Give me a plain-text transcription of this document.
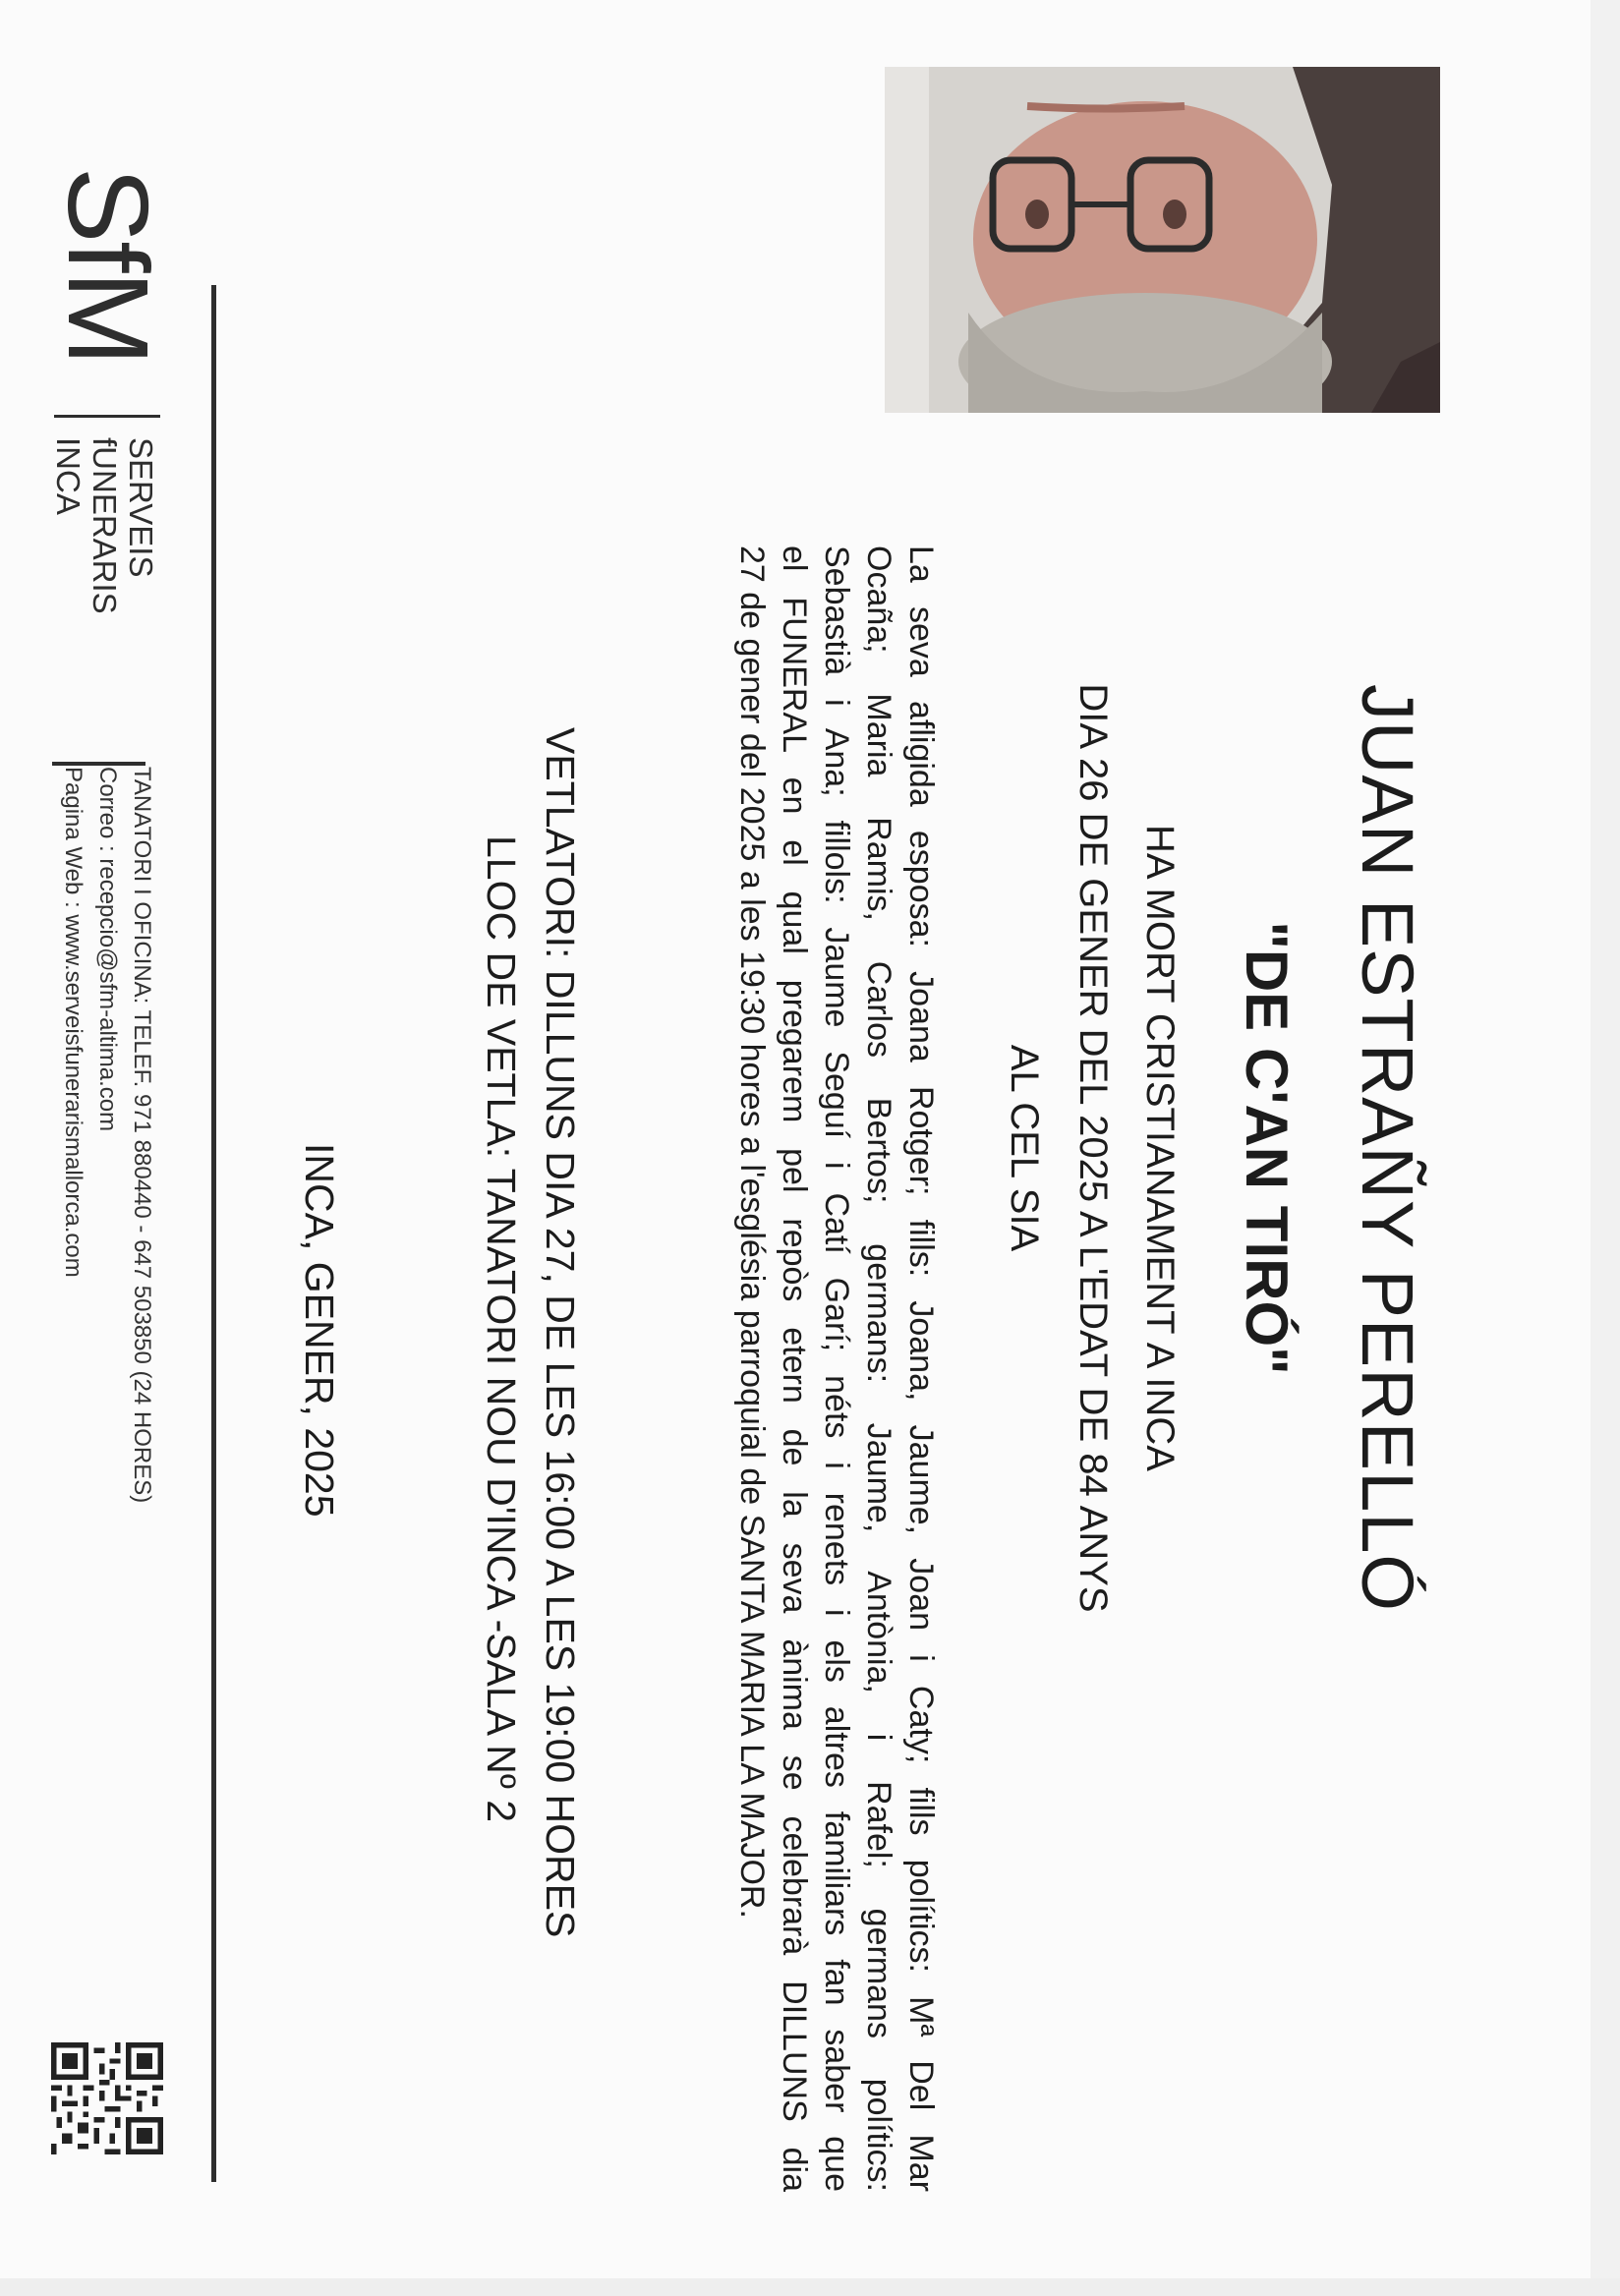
JUAN ESTRAÑY PERELLÓ
"DE C'AN TIRÓ"
HA MORT CRISTIANAMENT A INCA
DIA 26 DE GENER DEL 2025 A L'EDAT DE 84 ANYS
AL CEL SIA
La seva afligida esposa: Joana Rotger; fills: Joana, Jaume, Joan i Caty; fills polítics: Mª Del Mar
Ocaña; Maria Ramis, Carlos Bertos; germans: Jaume, Antònia, i Rafel; germans polítics:
Sebastià i Ana; fillols: Jaume Seguí i Catí Garí; néts i renets i els altres familiars fan saber que
el FUNERAL en el qual pregarem pel repòs etern de la seva ànima se celebrarà DILLUNS dia
27 de gener del 2025 a les 19:30 hores a l'església parroquial de SANTA MARIA LA MAJOR.
VETLATORI: DILLUNS DIA 27, DE LES 16:00 A LES 19:00 HORES
LLOC DE VETLA: TANATORI NOU D'INCA -SALA Nº 2
INCA, GENER, 2025
SfM
SERVEIS
fUNERARIS
INCA
TANATORI I OFICINA: TELEF. 971 880440 - 647 503850 (24 HORES)
Correo : recepcio@sfm-altima.com
Pagina Web : www.serveisfunerarismallorca.com
